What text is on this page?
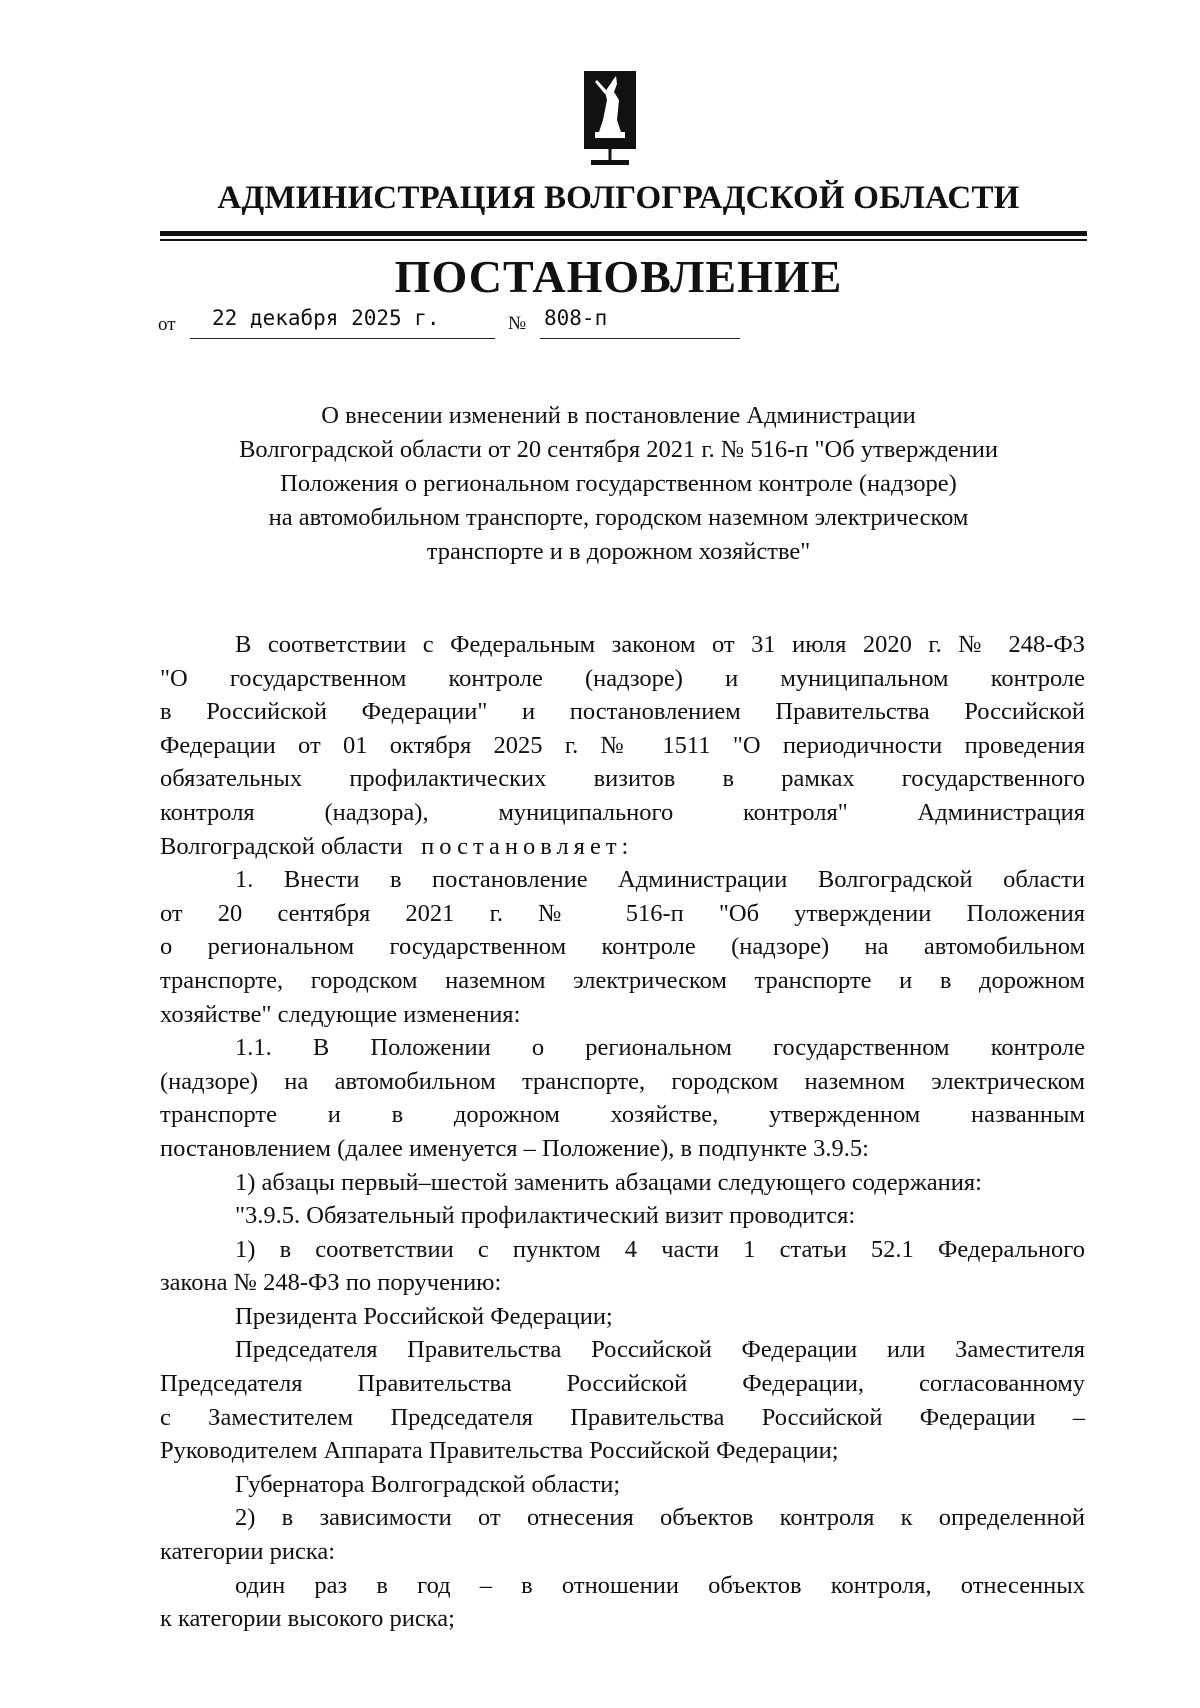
АДМИНИСТРАЦИЯ ВОЛГОГРАДСКОЙ ОБЛАСТИ
ПОСТАНОВЛЕНИЕ
от 22 декабря 2025 г.	№ 808-п
О внесении изменений в постановление Администрации
Волгоградской области от 20 сентября 2021 г. № 516-п "Об утверждении
Положения о региональном государственном контроле (надзоре)
на автомобильном транспорте, городском наземном электрическом
транспорте и в дорожном хозяйстве"

В соответствии с Федеральным законом от 31 июля 2020 г. № 248-ФЗ

"О государственном контроле (надзоре) и муниципальном контроле

в Российской Федерации" и постановлением Правительства Российской

Федерации от 01 октября 2025 г. № 1511 "О периодичности проведения

обязательных профилактических визитов в рамках государственного

контроля (надзора), муниципального контроля" Администрация

Волгоградской области постановляет:

1. Внести в постановление Администрации Волгоградской области

от 20 сентября 2021 г. № 516-п "Об утверждении Положения

о региональном государственном контроле (надзоре) на автомобильном

транспорте, городском наземном электрическом транспорте и в дорожном

хозяйстве" следующие изменения:

1.1. В Положении о региональном государственном контроле

(надзоре) на автомобильном транспорте, городском наземном электрическом

транспорте и в дорожном хозяйстве, утвержденном названным

постановлением (далее именуется – Положение), в подпункте 3.9.5:

1) абзацы первый–шестой заменить абзацами следующего содержания:

"3.9.5. Обязательный профилактический визит проводится:

1) в соответствии с пунктом 4 части 1 статьи 52.1 Федерального

закона № 248-ФЗ по поручению:

Президента Российской Федерации;

Председателя Правительства Российской Федерации или Заместителя

Председателя Правительства Российской Федерации, согласованному

с Заместителем Председателя Правительства Российской Федерации –

Руководителем Аппарата Правительства Российской Федерации;

Губернатора Волгоградской области;

2) в зависимости от отнесения объектов контроля к определенной

категории риска:

один раз в год – в отношении объектов контроля, отнесенных

к категории высокого риска;
